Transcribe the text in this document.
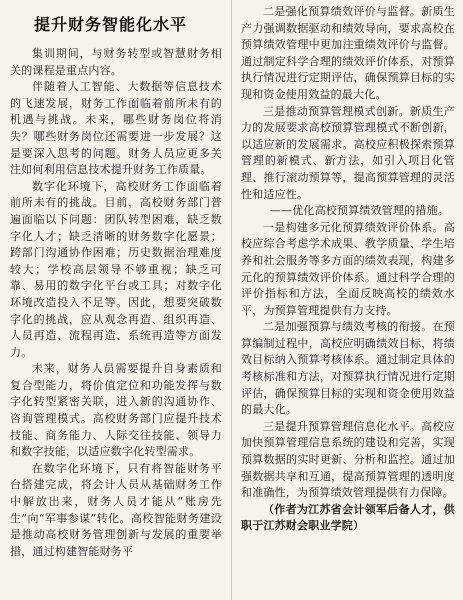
提升财务智能化水平

集训期间，与财务转型或智慧财务相关的课程是重点内容。

伴随着人工智能、大数据等信息技术的飞速发展，财务工作面临着前所未有的机遇与挑战。未来，哪些财务岗位将消失？哪些财务岗位还需要进一步发展？这是要深入思考的问题。财务人员应更多关注如何利用信息技术提升财务工作质量。

数字化环境下，高校财务工作面临着前所未有的挑战。目前，高校财务部门普遍面临以下问题：团队转型困难，缺乏数字化人才；缺乏清晰的财务数字化愿景；跨部门沟通协作困难；历史数据治理难度较大；学校高层领导不够重视；缺乏可靠、易用的数字化平台或工具；对数字化环境改造投入不足等。因此，想要突破数字化的挑战，应从观念再造、组织再造、人员再造、流程再造、系统再造等方面发力。

未来，财务人员需要提升自身素质和复合型能力，将价值定位和功能发挥与数字化转型紧密关联，进入新的沟通协作、咨询管理模式。高校财务部门应提升技术技能、商务能力、人际交往技能、领导力和数字技能，以适应数字化转型需求。

在数字化环境下，只有将智能财务平台搭建完成，将会计人员从基础财务工作中解放出来，财务人员才能从“账房先生”向“军事参谋”转化。高校智能财务建设是推动高校财务管理创新与发展的重要举措，通过构建智能财务平

二是强化预算绩效评价与监督。新质生产力强调数据驱动和绩效导向，要求高校在预算绩效管理中更加注重绩效评价与监督。通过制定科学合理的绩效评价体系，对预算执行情况进行定期评估，确保预算目标的实现和资金使用效益的最大化。

三是推动预算管理模式创新。新质生产力的发展要求高校预算管理模式不断创新，以适应新的发展需求。高校应积极探索预算管理的新模式、新方法，如引入项目化管理、推行滚动预算等，提高预算管理的灵活性和适应性。

——优化高校预算绩效管理的措施。

一是构建多元化预算绩效评价体系。高校应综合考虑学术成果、教学质量、学生培养和社会服务等多方面的绩效表现，构建多元化的预算绩效评价体系。通过科学合理的评价指标和方法，全面反映高校的绩效水平，为预算管理提供有力支持。

二是加强预算与绩效考核的衔接。在预算编制过程中，高校应明确绩效目标，将绩效目标纳入预算考核体系。通过制定具体的考核标准和方法，对预算执行情况进行定期评估，确保预算目标的实现和资金使用效益的最大化。

三是提升预算管理信息化水平。高校应加快预算管理信息系统的建设和完善，实现预算数据的实时更新、分析和监控。通过加强数据共享和互通，提高预算管理的透明度和准确性，为预算绩效管理提供有力保障。

（作者为江苏省会计领军后备人才，供职于江苏财会职业学院）
